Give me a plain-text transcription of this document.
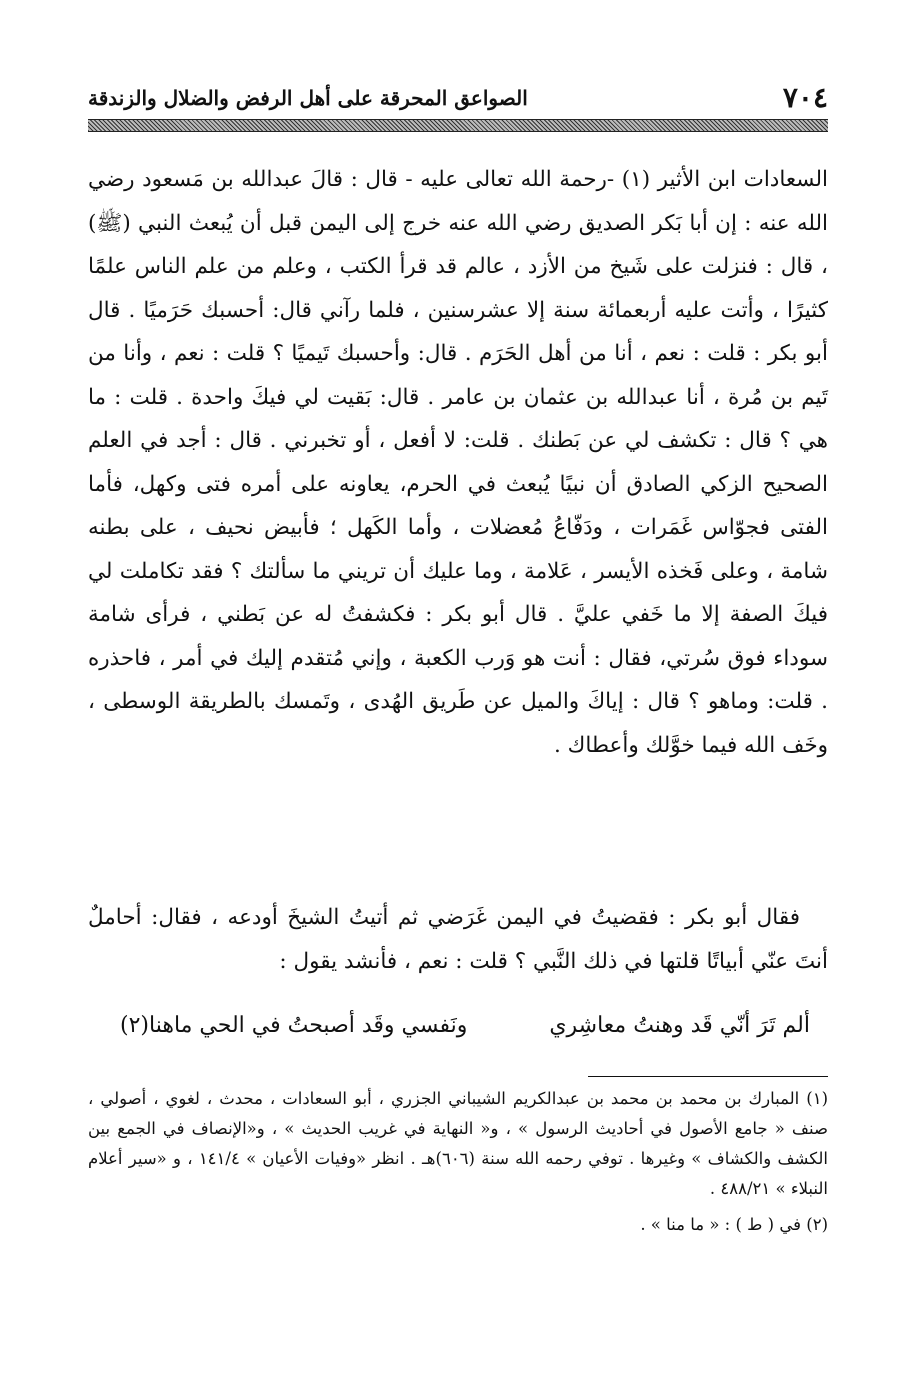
٧٠٤
الصواعق المحرقة على أهل الرفض والضلال والزندقة

السعادات ابن الأثير (١) -رحمة الله تعالى عليه - قال : قالَ عبدالله بن مَسعود رضي الله عنه : إن أبا بَكر الصديق رضي الله عنه خرج إلى اليمن قبل أن يُبعث النبي (ﷺ) ، قال : فنزلت على شَيخ من الأزد ، عالم قد قرأ الكتب ، وعلم من علم الناس علمًا كثيرًا ، وأتت عليه أربعمائة سنة إلا عشرسنين ، فلما رآني قال: أحسبك حَرَميًا . قال أبو بكر : قلت : نعم ، أنا من أهل الحَرَم . قال: وأحسبك تَيميًا ؟ قلت : نعم ، وأنا من تَيم بن مُرة ، أنا عبدالله بن عثمان بن عامر . قال: بَقيت لي فيكَ واحدة . قلت : ما هي ؟ قال : تكشف لي عن بَطنك . قلت: لا أفعل ، أو تخبرني . قال : أجد في العلم الصحيح الزكي الصادق أن نبيًا يُبعث في الحرم، يعاونه على أمره فتى وكهل، فأما الفتى فجوّاس غَمَرات ، ودَفّاعُ مُعضلات ، وأما الكَهل ؛ فأبيض نحيف ، على بطنه شامة ، وعلى فَخذه الأيسر ، عَلامة ، وما عليك أن تريني ما سألتك ؟ فقد تكاملت لي فيكَ الصفة إلا ما خَفي عليَّ . قال أبو بكر : فكشفتُ له عن بَطني ، فرأى شامة سوداء فوق سُرتي، فقال : أنت هو وَرب الكعبة ، وإني مُتقدم إليك في أمر ، فاحذره . قلت: وماهو ؟ قال : إياكَ والميل عن طَريق الهُدى ، وتَمسك بالطريقة الوسطى ، وخَف الله فيما خوَّلك وأعطاك .

فقال أبو بكر : فقضيتُ في اليمن غَرَضي ثم أتيتُ الشيخَ أودعه ، فقال: أحاملٌ أنتَ عنّي أبياتًا قلتها في ذلك النَّبي ؟ قلت : نعم ، فأنشد يقول :

ألم تَرَ أنّي قَد وهنتُ معاشِري
ونَفسي وقَد أصبحتُ في الحي ماهنا(٢)

(١) المبارك بن محمد بن محمد بن عبدالكريم الشيباني الجزري ، أبو السعادات ، محدث ، لغوي ، أصولي ، صنف « جامع الأصول في أحاديث الرسول » ، و« النهاية في غريب الحديث » ، و«الإنصاف في الجمع بين الكشف والكشاف » وغيرها . توفي رحمه الله سنة (٦٠٦)هـ . انظر «وفيات الأعيان » ١٤١/٤ ، و «سير أعلام النبلاء » ٤٨٨/٢١ .

(٢) في ( ط ) : « ما منا » .
